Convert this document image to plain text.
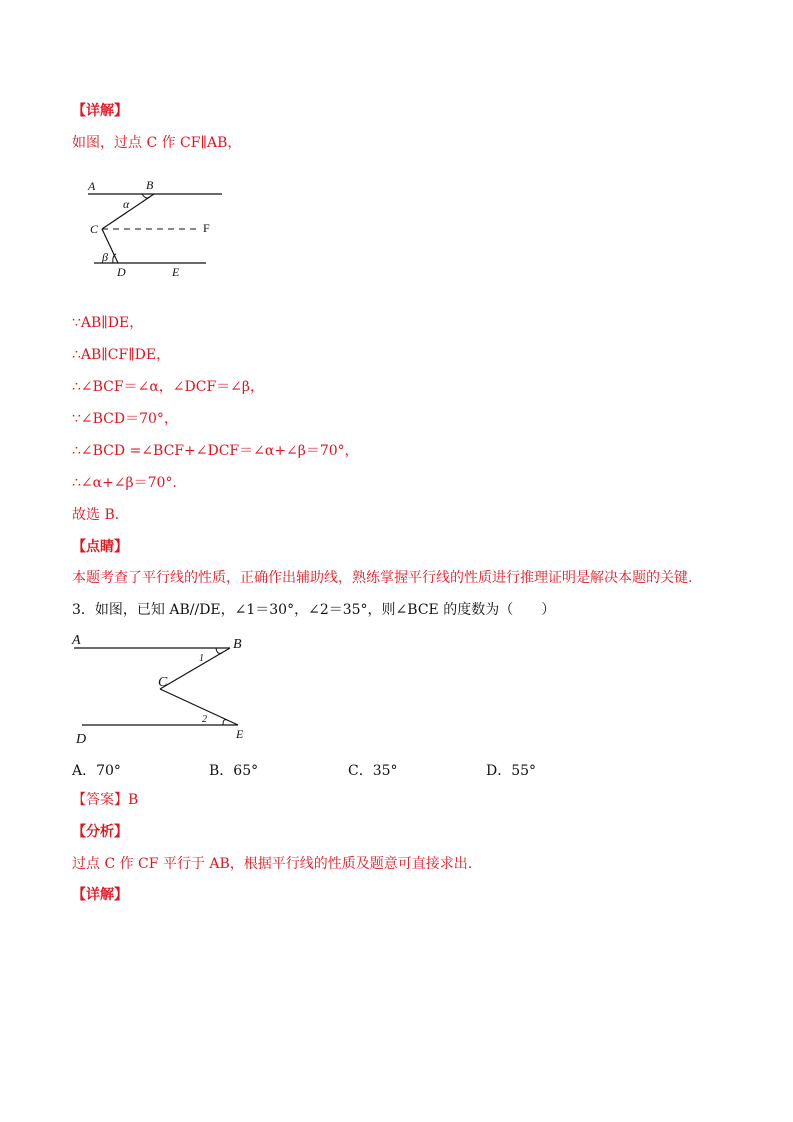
【详解】
如图，过点 C 作 CF∥AB，
A	B
α
C	F
β
D	E
∵AB∥DE，
∴AB∥CF∥DE，
∴∠BCF＝∠α，∠DCF＝∠β，
∵∠BCD＝70°，
∴∠BCD =∠BCF+∠DCF＝∠α+∠β＝70°，
∴∠α+∠β＝70°．
故选 B．
【点睛】
本题考查了平行线的性质，正确作出辅助线，熟练掌握平行线的性质进行推理证明是解决本题的关键.
3．如图，已知 AB//DE，∠1＝30°，∠2＝35°，则∠BCE 的度数为（　　）
A	B
1
C
2
D	E
A．70°	B．65°	C．35°	D．55°
【答案】B
【分析】
过点 C 作 CF 平行于 AB，根据平行线的性质及题意可直接求出.
【详解】
